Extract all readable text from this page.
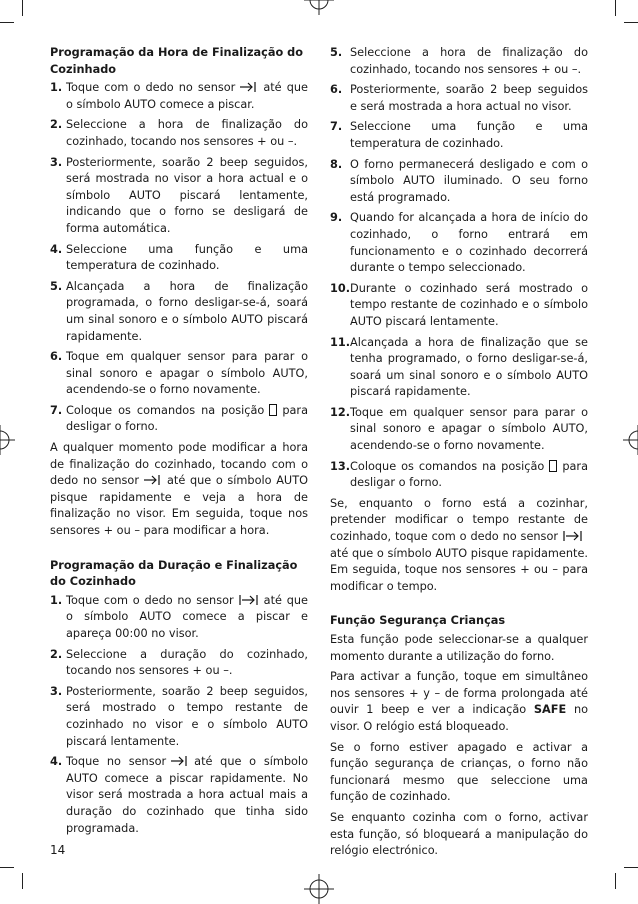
Programação da Hora de Finalização do Cozinhado
1. Toque com o dedo no sensor até que o símbolo AUTO comece a piscar.
2. Seleccione a hora de finalização do cozinhado, tocando nos sensores + ou –.
3. Posteriormente, soarão 2 beep seguidos, será mostrada no visor a hora actual e o símbolo AUTO piscará lentamente, indicando que o forno se desligará de forma automática.
4. Seleccione uma função e uma temperatura de cozinhado.
5. Alcançada a hora de finalização programada, o forno desligar-se-á, soará um sinal sonoro e o símbolo AUTO piscará rapidamente.
6. Toque em qualquer sensor para parar o sinal sonoro e apagar o símbolo AUTO, acendendo-se o forno novamente.
7. Coloque os comandos na posição para desligar o forno.

A qualquer momento pode modificar a hora de finalização do cozinhado, tocando com o dedo no sensor até que o símbolo AUTO pisque rapidamente e veja a hora de finalização no visor. Em seguida, toque nos sensores + ou – para modificar a hora.

Programação da Duração e Finalização do Cozinhado
1. Toque com o dedo no sensor	até que o símbolo AUTO comece a piscar e apareça 00:00 no visor.
2. Seleccione a duração do cozinhado, tocando nos sensores + ou –.
3. Posteriormente, soarão 2 beep seguidos, será mostrado o tempo restante de cozinhado no visor e o símbolo AUTO piscará lentamente.
4. Toque no sensor até que o símbolo AUTO comece a piscar rapidamente. No visor será mostrada a hora actual mais a duração do cozinhado que tinha sido programada.
5. Seleccione a hora de finalização do cozinhado, tocando nos sensores + ou –.
6. Posteriormente, soarão 2 beep seguidos e será mostrada a hora actual no visor.
7. Seleccione uma função e uma temperatura de cozinhado.
8. O forno permanecerá desligado e com o símbolo AUTO iluminado. O seu forno está programado.
9. Quando for alcançada a hora de início do cozinhado, o forno entrará em funcionamento e o cozinhado decorrerá durante o tempo seleccionado.
10. Durante o cozinhado será mostrado o tempo restante de cozinhado e o símbolo AUTO piscará lentamente.
11. Alcançada a hora de finalização que se tenha programado, o forno desligar-se-á, soará um sinal sonoro e o símbolo AUTO piscará rapidamente.
12. Toque em qualquer sensor para parar o sinal sonoro e apagar o símbolo AUTO, acendendo-se o forno novamente.
13. Coloque os comandos na posição para desligar o forno.

Se, enquanto o forno está a cozinhar, pretender modificar o tempo restante de cozinhado, toque com o dedo no sensoraté que o símbolo AUTO pisque rapidamente. Em seguida, toque nos sensores + ou – para modificar o tempo.

Função Segurança Crianças

Esta função pode seleccionar-se a qualquer momento durante a utilização do forno.

Para activar a função, toque em simultâneo nos sensores + y – de forma prolongada até ouvir 1 beep e ver a indicação SAFE no visor. O relógio está bloqueado.

Se o forno estiver apagado e activar a função segurança de crianças, o forno não funcionará mesmo que seleccione uma função de cozinhado.

Se enquanto cozinha com o forno, activar esta função, só bloqueará a manipulação do relógio electrónico.

14
